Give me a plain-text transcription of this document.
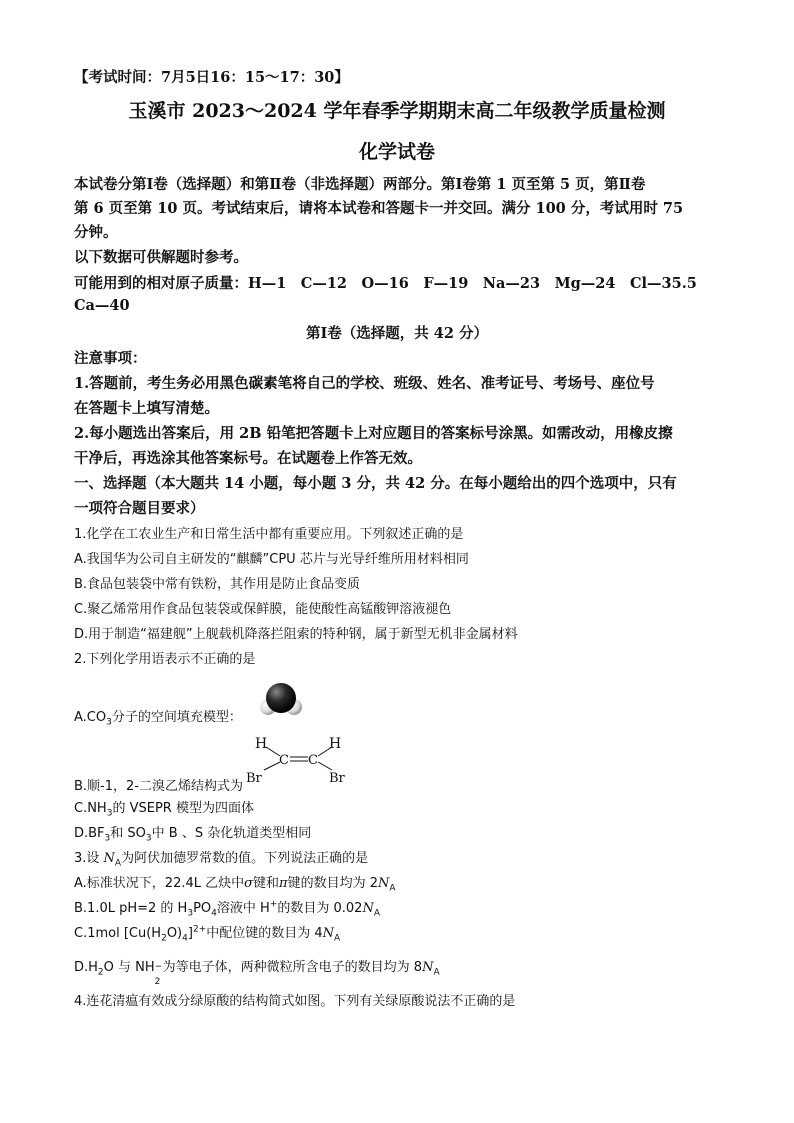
【考试时间：7月5日16：15～17：30】
玉溪市 2023～2024 学年春季学期期末高二年级教学质量检测
化学试卷
本试卷分第Ⅰ卷（选择题）和第Ⅱ卷（非选择题）两部分。第Ⅰ卷第 1 页至第 5 页，第Ⅱ卷
第 6 页至第 10 页。考试结束后，请将本试卷和答题卡一并交回。满分 100 分，考试用时 75
分钟。
以下数据可供解题时参考。
可能用到的相对原子质量：H—1　C—12　O—16　F—19　Na—23　Mg—24　Cl—35.5
Ca—40
第Ⅰ卷（选择题，共 42 分）
注意事项：
1.答题前，考生务必用黑色碳素笔将自己的学校、班级、姓名、准考证号、考场号、座位号
在答题卡上填写清楚。
2.每小题选出答案后，用 2B 铅笔把答题卡上对应题目的答案标号涂黑。如需改动，用橡皮擦
干净后，再选涂其他答案标号。在试题卷上作答无效。
一、选择题（本大题共 14 小题，每小题 3 分，共 42 分。在每小题给出的四个选项中，只有
一项符合题目要求）
1.化学在工农业生产和日常生活中都有重要应用。下列叙述正确的是
A.我国华为公司自主研发的“麒麟”CPU 芯片与光导纤维所用材料相同
B.食品包装袋中常有铁粉，其作用是防止食品变质
C.聚乙烯常用作食品包装袋或保鲜膜，能使酸性高锰酸钾溶液褪色
D.用于制造“福建舰”上舰载机降落拦阻索的特种钢，属于新型无机非金属材料
2.下列化学用语表示不正确的是
$A.CO_3$分子的空间填充模型：
B.顺-1，2-二溴乙烯结构式为
H
C C
H
Br	Br
$C.NH_3$的 VSEPR 模型为四面体
$D.BF_3$和 $SO_3$中 B 、S 杂化轨道类型相同
3.设 $N_A$为阿伏加德罗常数的值。下列说法正确的是
A.标准状况下，22.4L 乙炔中σ键和π键的数目均为 $2N_A$
B.1.0L pH=2 的 $H_3PO_4$溶液中 H+的数目为 $0.02N_A$
C.1mol $[Cu(H_2O)_4]^{2+}$中配位键的数目为 $4N_A$
$D.H_2O$ 与 NH −
2
为等电子体，两种微粒所含电子的数目均为 $8N_A$
4.连花清瘟有效成分绿原酸的结构简式如图。下列有关绿原酸说法不正确的是
